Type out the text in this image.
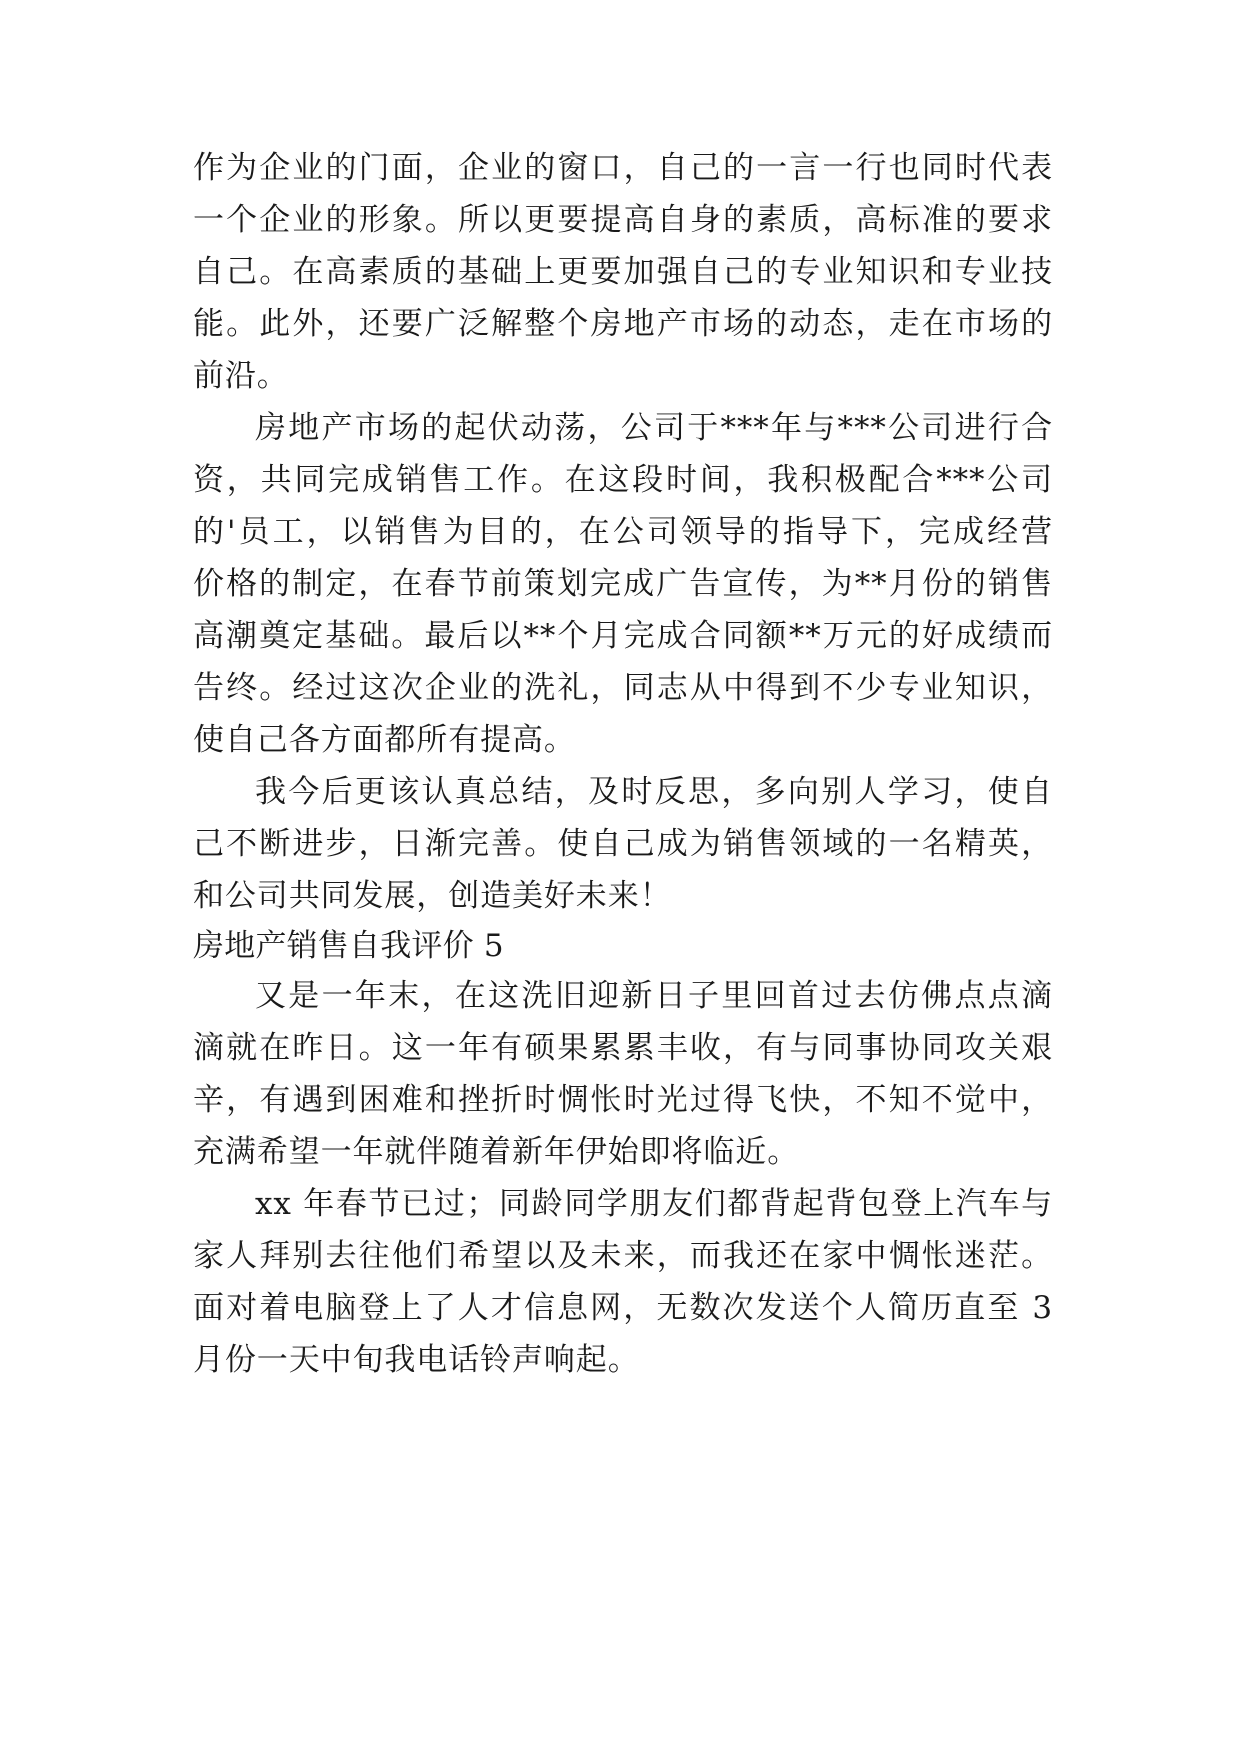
作为企业的门面，企业的窗口，自己的一言一行也同时代表
一个企业的形象。所以更要提高自身的素质，高标准的要求
自己。在高素质的基础上更要加强自己的专业知识和专业技
能。此外，还要广泛解整个房地产市场的动态，走在市场的
前沿。
房地产市场的起伏动荡，公司于***年与***公司进行合
资，共同完成销售工作。在这段时间，我积极配合***公司
的'员工，以销售为目的，在公司领导的指导下，完成经营
价格的制定，在春节前策划完成广告宣传，为**月份的销售
高潮奠定基础。最后以**个月完成合同额**万元的好成绩而
告终。经过这次企业的洗礼，同志从中得到不少专业知识，
使自己各方面都所有提高。
我今后更该认真总结，及时反思，多向别人学习，使自
己不断进步，日渐完善。使自己成为销售领域的一名精英，
和公司共同发展，创造美好未来！
房地产销售自我评价 5
又是一年末，在这洗旧迎新日子里回首过去仿佛点点滴
滴就在昨日。这一年有硕果累累丰收，有与同事协同攻关艰
辛，有遇到困难和挫折时惆怅时光过得飞快，不知不觉中，
充满希望一年就伴随着新年伊始即将临近。
xx 年春节已过；同龄同学朋友们都背起背包登上汽车与
家人拜别去往他们希望以及未来，而我还在家中惆怅迷茫。
面对着电脑登上了人才信息网，无数次发送个人简历直至 3
月份一天中旬我电话铃声响起。
